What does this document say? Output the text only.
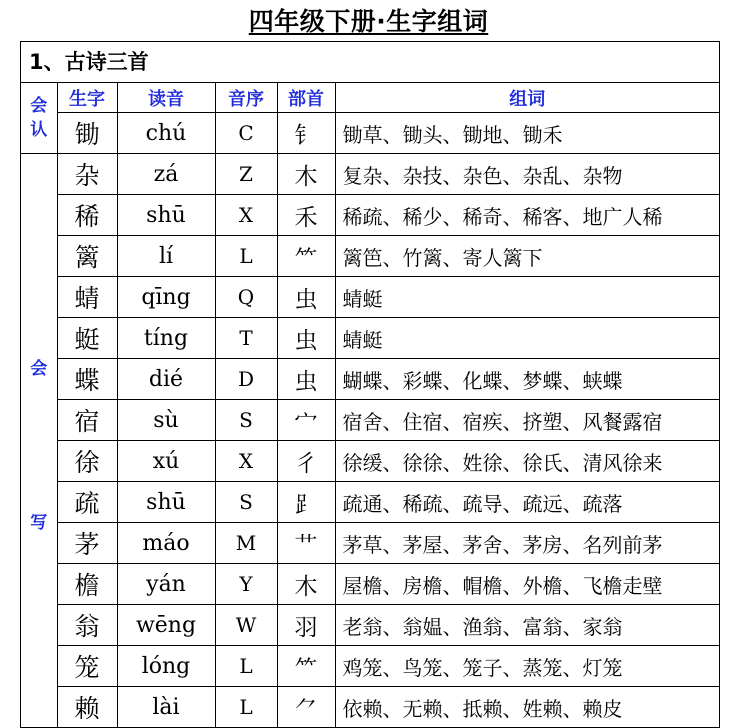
四年级下册·生字组词
1、古诗三首
会
认	生字	读音	音序	部首	组词
	锄	chú	C	钅	锄草、锄头、锄地、锄禾

会
写	杂	zá	Z	木	复杂、杂技、杂色、杂乱、杂物
	稀	shū	X	禾	稀疏、稀少、稀奇、稀客、地广人稀
	篱	lí	L	⺮	篱笆、竹篱、寄人篱下
	蜻	qīng	Q	虫	蜻蜓
	蜓	tíng	T	虫	蜻蜓
	蝶	dié	D	虫	蝴蝶、彩蝶、化蝶、梦蝶、蛱蝶
	宿	sù	S	宀	宿舍、住宿、宿疾、挤塑、风餐露宿
	徐	xú	X	彳	徐缓、徐徐、姓徐、徐氏、清风徐来
	疏	shū	S	⻊	疏通、稀疏、疏导、疏远、疏落
	茅	máo	M	艹	茅草、茅屋、茅舍、茅房、名列前茅
	檐	yán	Y	木	屋檐、房檐、帽檐、外檐、飞檐走壁
	翁	wēng	W	羽	老翁、翁媪、渔翁、富翁、家翁
	笼	lóng	L	⺮	鸡笼、鸟笼、笼子、蒸笼、灯笼
	赖	lài	L	⺈	依赖、无赖、抵赖、姓赖、赖皮
